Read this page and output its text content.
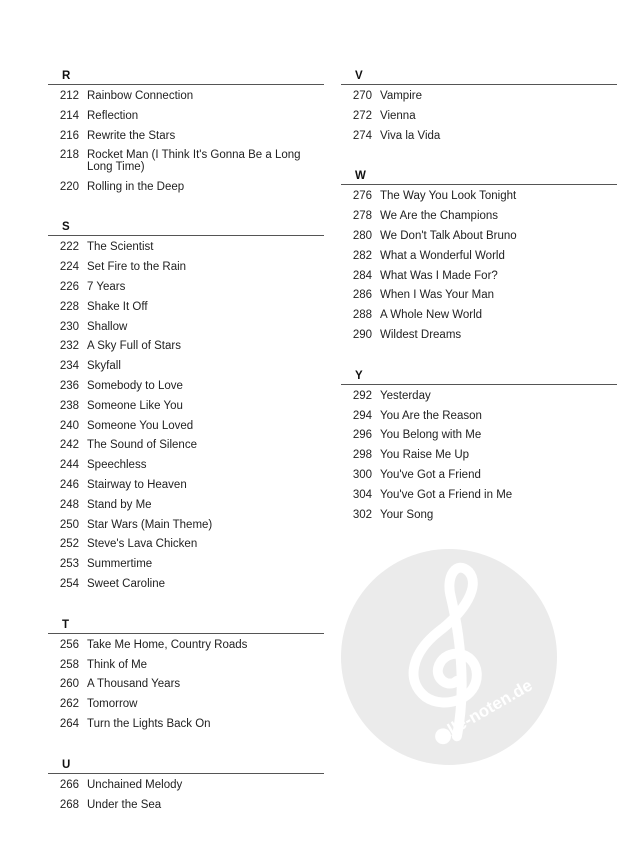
alle-noten.de
R
212 Rainbow Connection
214 Reflection
216 Rewrite the Stars
218 Rocket Man (I Think It's Gonna Be a Long Long Time)
220 Rolling in the Deep
S
222 The Scientist
224 Set Fire to the Rain
226 7 Years
228 Shake It Off
230 Shallow
232 A Sky Full of Stars
234 Skyfall
236 Somebody to Love
238 Someone Like You
240 Someone You Loved
242 The Sound of Silence
244 Speechless
246 Stairway to Heaven
248 Stand by Me
250 Star Wars (Main Theme)
252 Steve's Lava Chicken
253 Summertime
254 Sweet Caroline
T
256 Take Me Home, Country Roads
258 Think of Me
260 A Thousand Years
262 Tomorrow
264 Turn the Lights Back On
U
266 Unchained Melody
268 Under the Sea
V
270 Vampire
272 Vienna
274 Viva la Vida
W
276 The Way You Look Tonight
278 We Are the Champions
280 We Don't Talk About Bruno
282 What a Wonderful World
284 What Was I Made For?
286 When I Was Your Man
288 A Whole New World
290 Wildest Dreams
Y
292 Yesterday
294 You Are the Reason
296 You Belong with Me
298 You Raise Me Up
300 You've Got a Friend
304 You've Got a Friend in Me
302 Your Song
